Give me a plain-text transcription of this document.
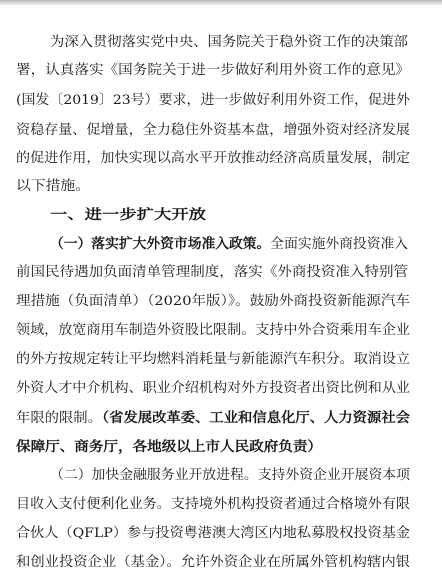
为深入贯彻落实党中央、国务院关于稳外资工作的决策部
署，认真落实《国务院关于进一步做好利用外资工作的意见》
(国发〔2019〕23号）要求，进一步做好利用外资工作，促进外
资稳存量、促增量，全力稳住外资基本盘，增强外资对经济发展
的促进作用，加快实现以高水平开放推动经济高质量发展，制定
以下措施。
一、进一步扩大开放
（一）落实扩大外资市场准入政策。全面实施外商投资准入
前国民待遇加负面清单管理制度，落实《外商投资准入特别管
理措施（负面清单）（2020年版）》。鼓励外商投资新能源汽车
领域，放宽商用车制造外资股比限制。支持中外合资乘用车企业
的外方按规定转让平均燃料消耗量与新能源汽车积分。取消设立
外资人才中介机构、职业介绍机构对外方投资者出资比例和从业
年限的限制。（省发展改革委、工业和信息化厅、人力资源社会
保障厅、商务厅，各地级以上市人民政府负责）
（二）加快金融服务业开放进程。支持外资企业开展资本项
目收入支付便利化业务。支持境外机构投资者通过合格境外有限
合伙人（QFLP）参与投资粤港澳大湾区内地私募股权投资基金
和创业投资企业（基金）。允许外资企业在所属外管机构辖内银
